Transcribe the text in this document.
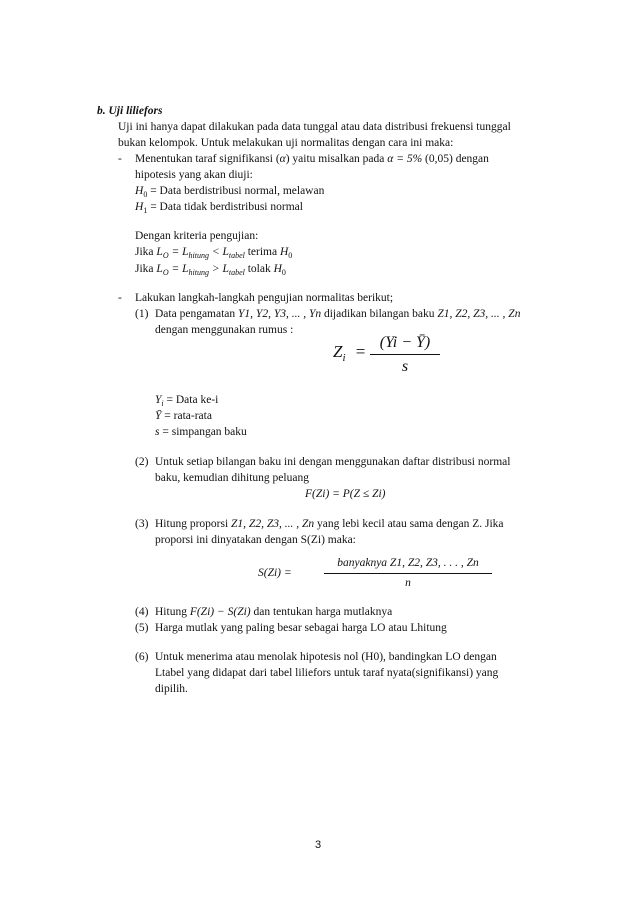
b. Uji liliefors
Uji ini hanya dapat dilakukan pada data tunggal atau data distribusi frekuensi tunggal
bukan kelompok. Untuk melakukan uji normalitas dengan cara ini maka:
- Menentukan taraf signifikansi (α) yaitu misalkan pada α = 5% (0,05) dengan
hipotesis yang akan diuji:
$H_0$ = Data berdistribusi normal, melawan
$H_1$ = Data tidak berdistribusi normal
Dengan kriteria pengujian:
Jika $L_O = L_{hitung} < L_{tabel}$ terima $H_0$
Jika $L_O = L_{hitung} > L_{tabel}$ tolak $H_0$
- Lakukan langkah-langkah pengujian normalitas berikut;
(1) Data pengamatan Y1, Y2, Y3, ... , Yn dijadikan bilangan baku Z1, Z2, Z3, ... , Zn
dengan menggunakan rumus :
$Z_i = \frac{(Yi - Ȳ)}{s}$
$Y_i$ = Data ke-i
Ȳ = rata-rata
s = simpangan baku
(2) Untuk setiap bilangan baku ini dengan menggunakan daftar distribusi normal
baku, kemudian dihitung peluang
F(Zi) = P(Z ≤ Zi)
(3) Hitung proporsi Z1, Z2, Z3, ... , Zn yang lebi kecil atau sama dengan Z. Jika
proporsi ini dinyatakan dengan S(Zi) maka:
S(Zi) =
banyaknya Z1, Z2, Z3, . . . , Zn
n
(4) Hitung F(Zi) − S(Zi) dan tentukan harga mutlaknya
(5) Harga mutlak yang paling besar sebagai harga LO atau Lhitung
(6) Untuk menerima atau menolak hipotesis nol (H0), bandingkan LO dengan
Ltabel yang didapat dari tabel liliefors untuk taraf nyata(signifikansi) yang
dipilih.
3
